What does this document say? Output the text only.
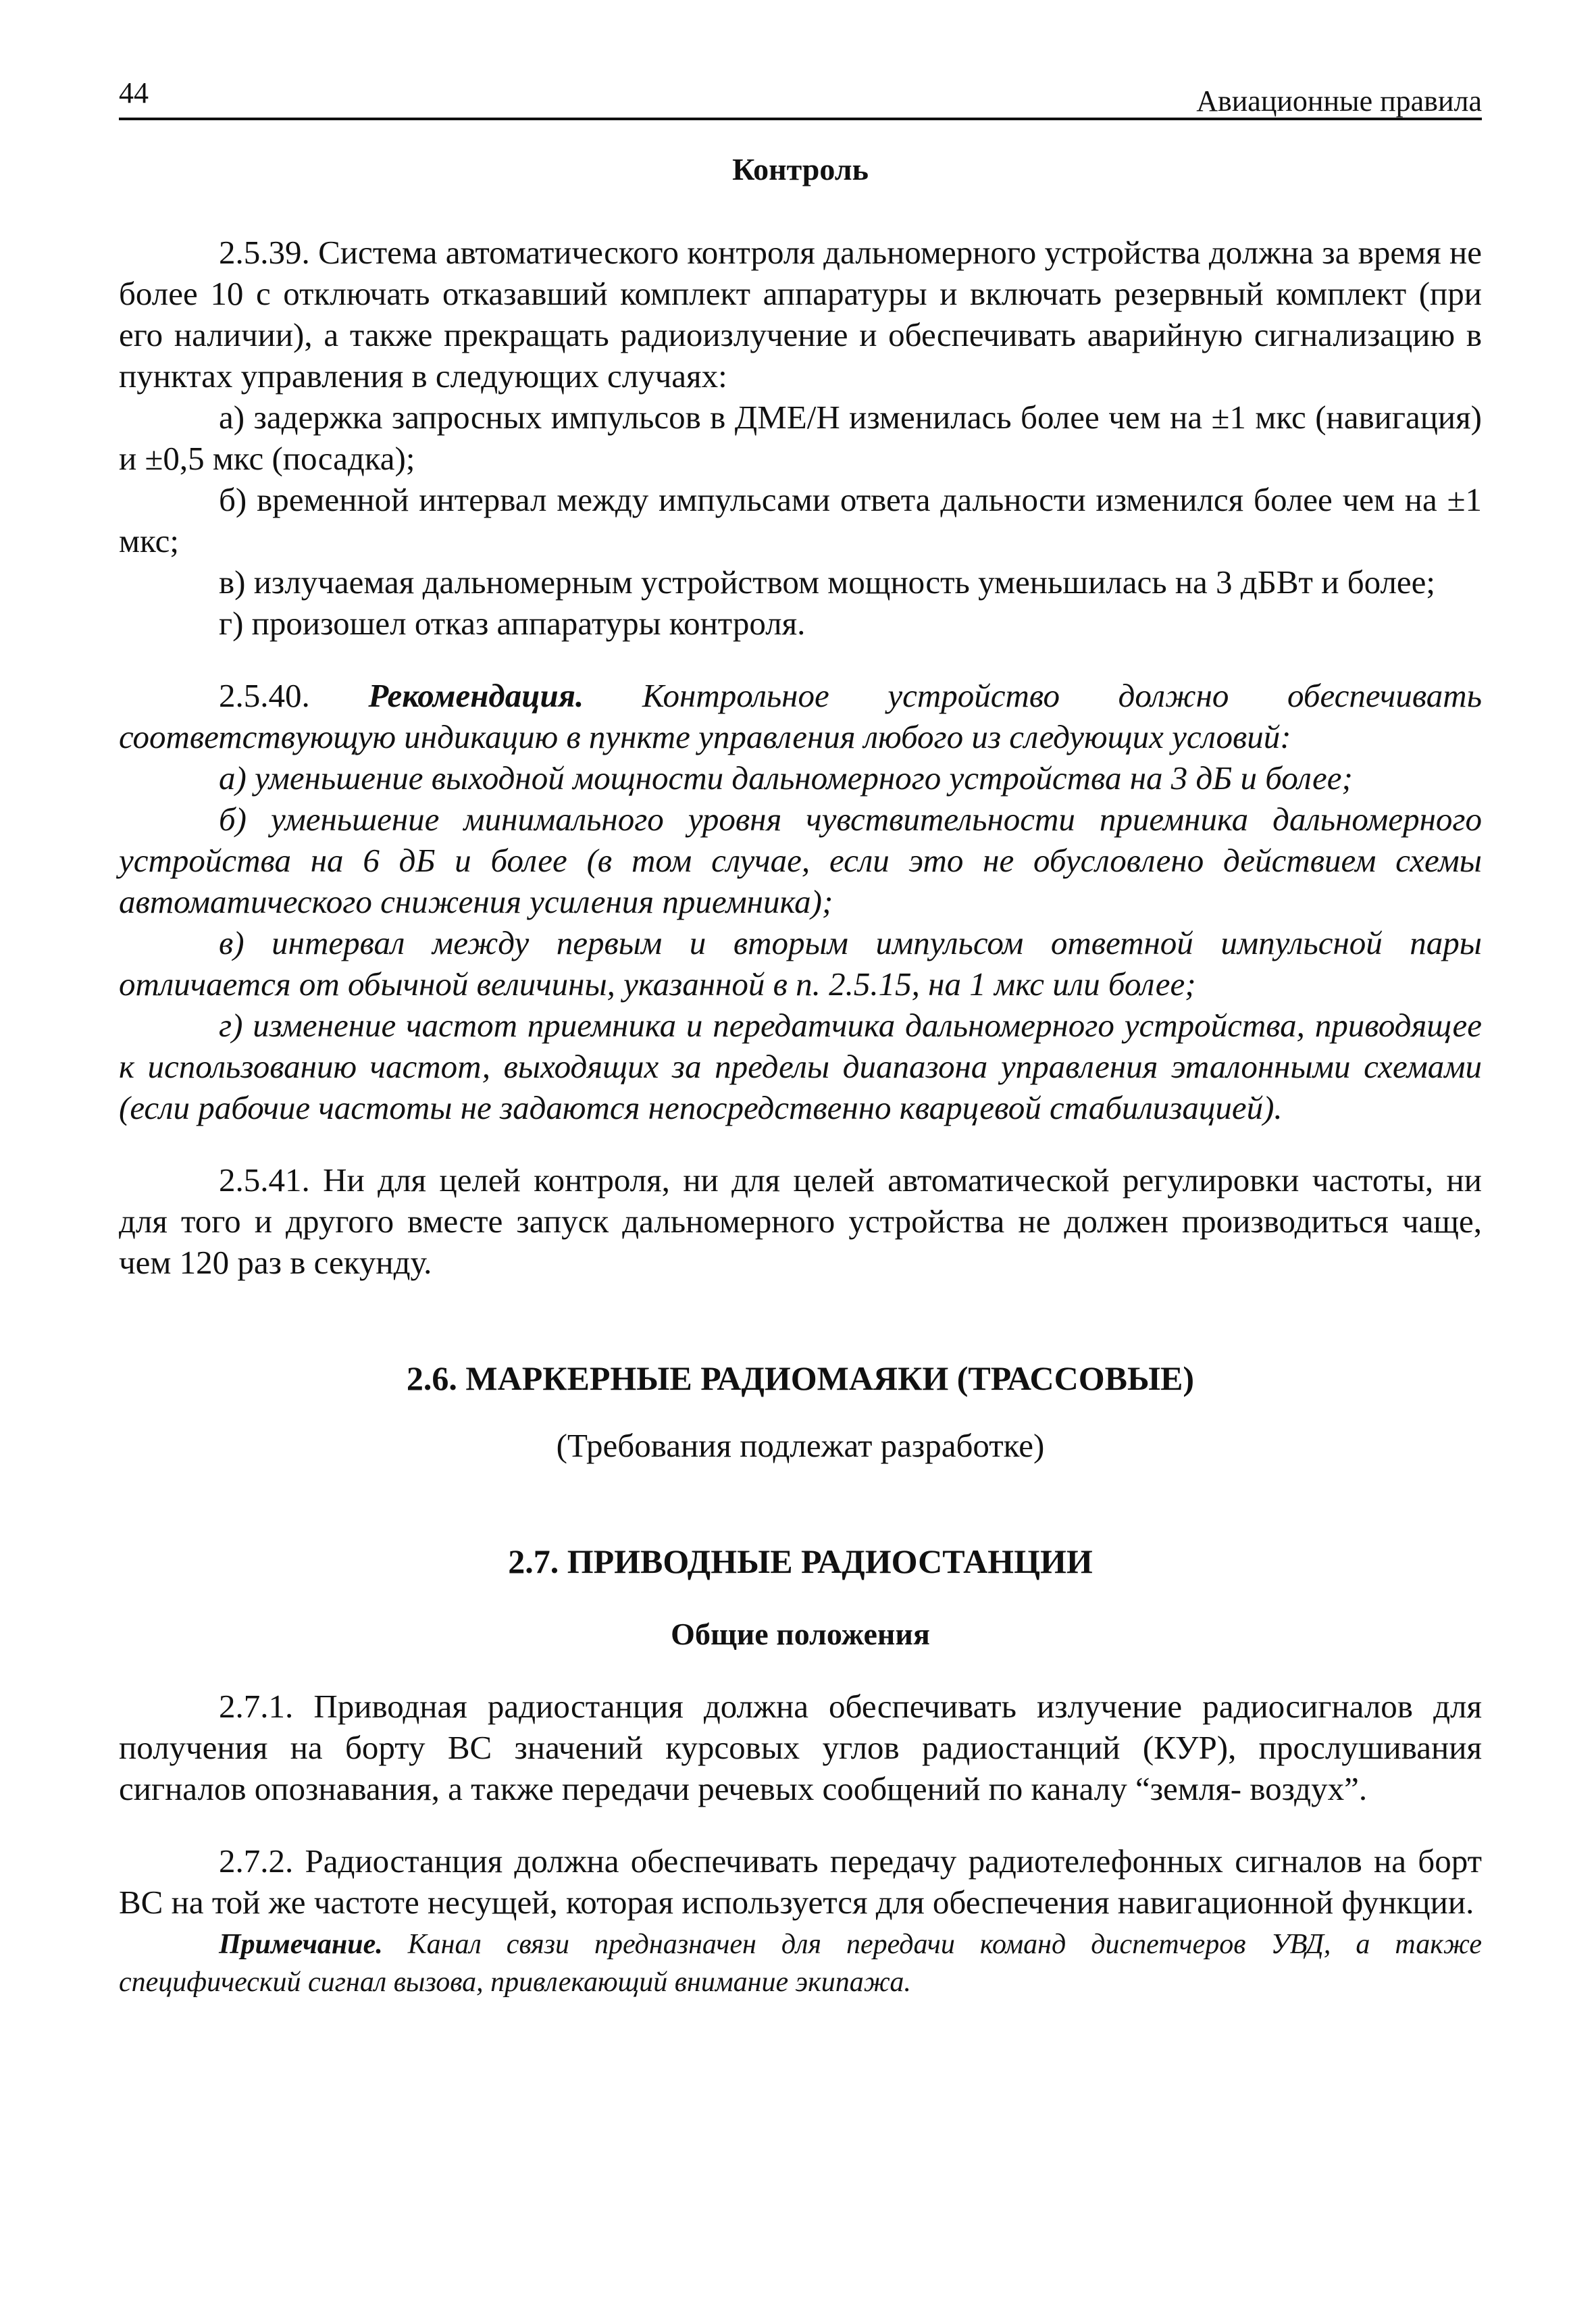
44	Авиационные правила

Контроль

2.5.39. Система автоматического контроля дальномерного устройства должна за время не более 10 с отключать отказавший комплект аппаратуры и включать резервный комплект (при его наличии), а также прекращать радиоизлучение и обеспечивать аварийную сигнализацию в пунктах управления в следующих случаях:

а) задержка запросных импульсов в ДМЕ/Н изменилась более чем на ±1 мкс (навигация) и ±0,5 мкс (посадка);

б) временной интервал между импульсами ответа дальности изменился более чем на ±1 мкс;

в) излучаемая дальномерным устройством мощность уменьшилась на 3 дБВт и более;

г) произошел отказ аппаратуры контроля.

2.5.40. Рекомендация. Контрольное устройство должно обеспечивать соответствующую индикацию в пункте управления любого из следующих условий:

а) уменьшение выходной мощности дальномерного устройства на 3 дБ и более;

б) уменьшение минимального уровня чувствительности приемника дальномерного устройства на 6 дБ и более (в том случае, если это не обусловлено действием схемы автоматического снижения усиления приемника);

в) интервал между первым и вторым импульсом ответной импульсной пары отличается от обычной величины, указанной в п. 2.5.15, на 1 мкс или более;

г) изменение частот приемника и передатчика дальномерного устройства, приводящее к использованию частот, выходящих за пределы диапазона управления эталонными схемами (если рабочие частоты не задаются непосредственно кварцевой стабилизацией).

2.5.41. Ни для целей контроля, ни для целей автоматической регулировки частоты, ни для того и другого вместе запуск дальномерного устройства не должен производиться чаще, чем 120 раз в секунду.

2.6. МАРКЕРНЫЕ РАДИОМАЯКИ (ТРАССОВЫЕ)

(Требования подлежат разработке)

2.7. ПРИВОДНЫЕ РАДИОСТАНЦИИ

Общие положения

2.7.1. Приводная радиостанция должна обеспечивать излучение радиосигналов для получения на борту ВС значений курсовых углов радиостанций (КУР), прослушивания сигналов опознавания, а также передачи речевых сообщений по каналу “земля- воздух”.

2.7.2. Радиостанция должна обеспечивать передачу радиотелефонных сигналов на борт ВС на той же частоте несущей, которая используется для обеспечения навигационной функции.

Примечание. Канал связи предназначен для передачи команд диспетчеров УВД, а также специфический сигнал вызова, привлекающий внимание экипажа.
